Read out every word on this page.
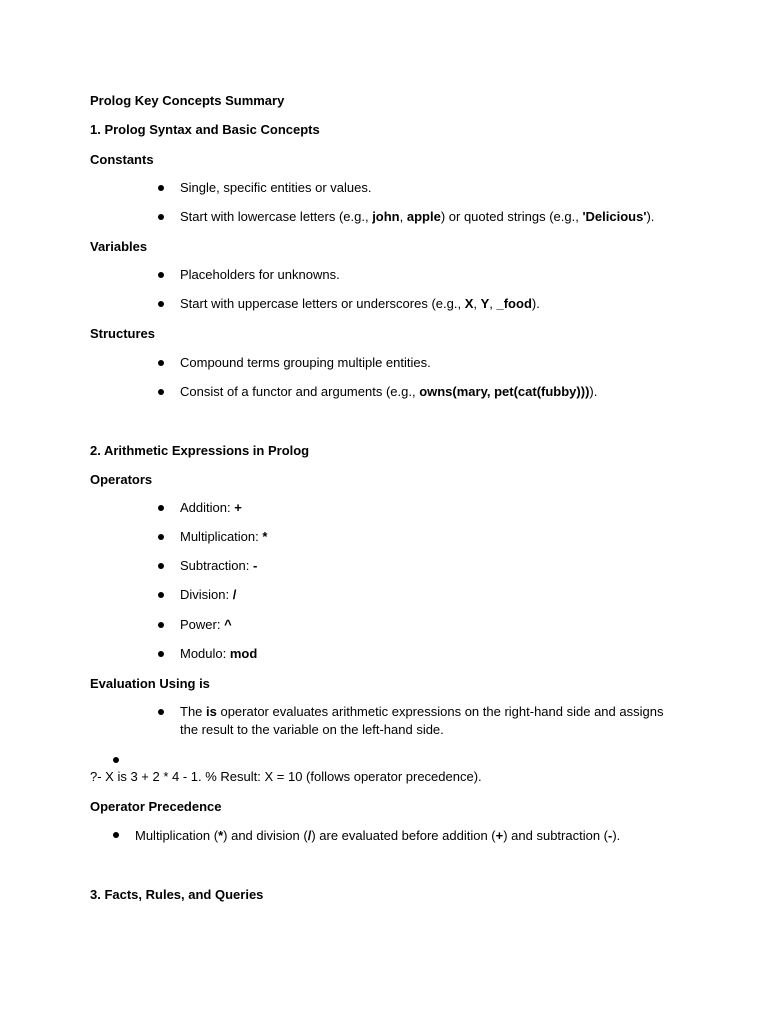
Prolog Key Concepts Summary
1. Prolog Syntax and Basic Concepts
Constants
Single, specific entities or values.
Start with lowercase letters (e.g., john, apple) or quoted strings (e.g., 'Delicious').
Variables
Placeholders for unknowns.
Start with uppercase letters or underscores (e.g., X, Y, _food).
Structures
Compound terms grouping multiple entities.
Consist of a functor and arguments (e.g., owns(mary, pet(cat(fubby)))).
2. Arithmetic Expressions in Prolog
Operators
Addition: +
Multiplication: *
Subtraction: -
Division: /
Power: ^
Modulo: mod
Evaluation Using is
The is operator evaluates arithmetic expressions on the right-hand side and assigns
the result to the variable on the left-hand side.
?- X is 3 + 2 * 4 - 1. % Result: X = 10 (follows operator precedence).
Operator Precedence
Multiplication (*) and division (/) are evaluated before addition (+) and subtraction (-).
3. Facts, Rules, and Queries
